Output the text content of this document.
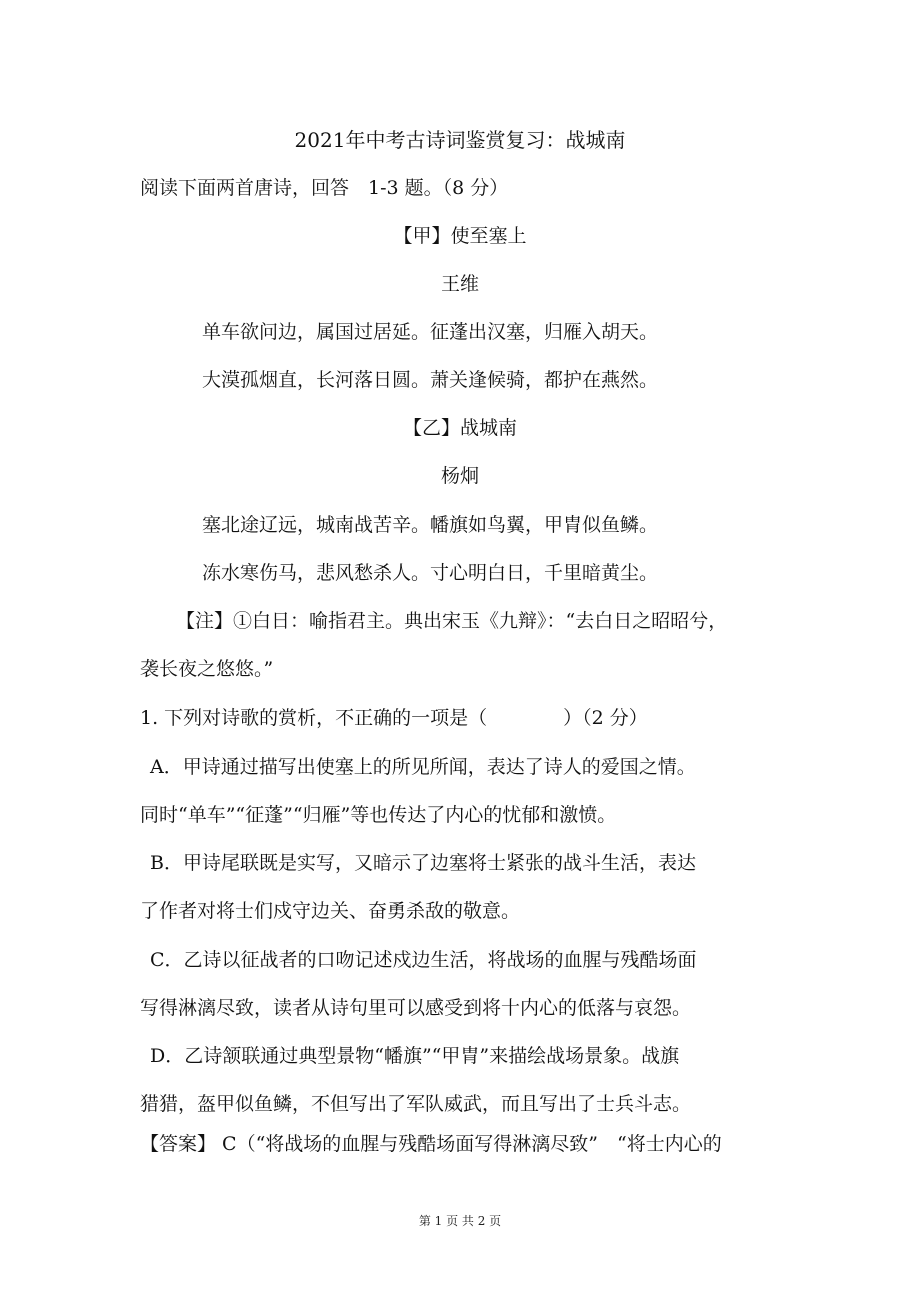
2021年中考古诗词鉴赏复习：战城南
阅读下面两首唐诗，回答　1-3 题。（8 分）
【甲】使至塞上
王维
单车欲问边，属国过居延。征蓬出汉塞，归雁入胡天。
大漠孤烟直，长河落日圆。萧关逢候骑，都护在燕然。
【乙】战城南
杨炯
塞北途辽远，城南战苦辛。幡旗如鸟翼，甲胄似鱼鳞。
冻水寒伤马，悲风愁杀人。寸心明白日，千里暗黄尘。
【注】①白日：喻指君主。典出宋玉《九辩》：“去白日之昭昭兮，
袭长夜之悠悠。”
1. 下列对诗歌的赏析，不正确的一项是（　　　　）（2 分）
A．甲诗通过描写出使塞上的所见所闻，表达了诗人的爱国之情。
同时“单车”“征蓬”“归雁”等也传达了内心的忧郁和激愤。
B．甲诗尾联既是实写，又暗示了边塞将士紧张的战斗生活，表达
了作者对将士们戍守边关、奋勇杀敌的敬意。
C．乙诗以征战者的口吻记述戍边生活，将战场的血腥与残酷场面
写得淋漓尽致，读者从诗句里可以感受到将十内心的低落与哀怨。
D．乙诗颔联通过典型景物“幡旗”“甲胄”来描绘战场景象。战旗
猎猎，盔甲似鱼鳞，不但写出了军队威武，而且写出了士兵斗志。
【答案】 C（“将战场的血腥与残酷场面写得淋漓尽致”　“将士内心的
第 1 页 共 2 页
